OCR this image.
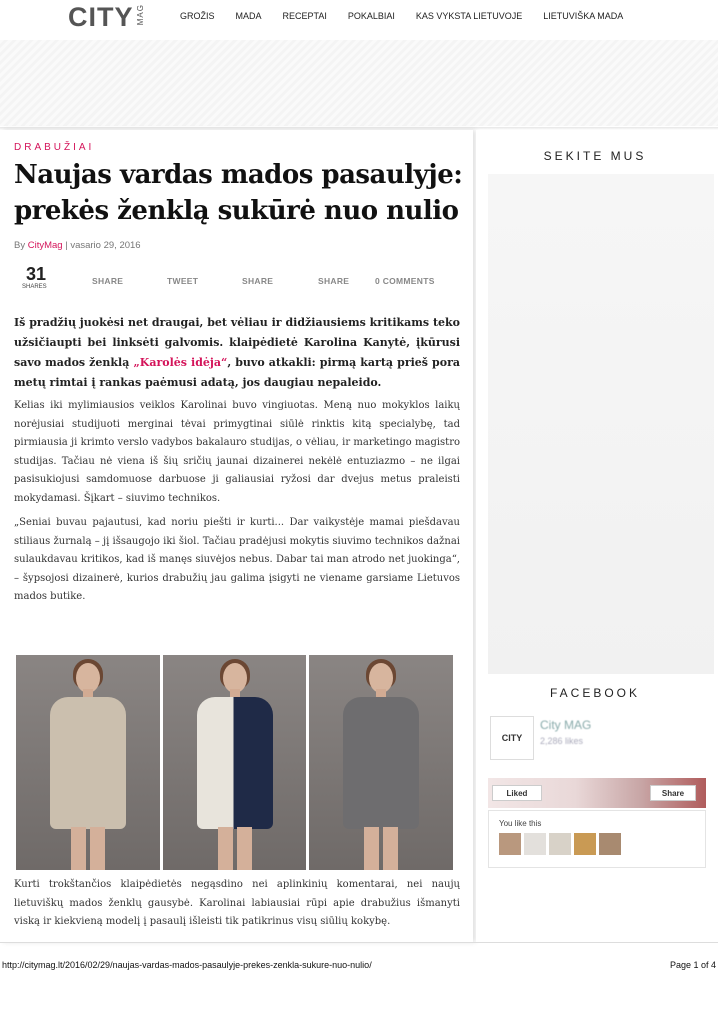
CITY MAG	GROŽIS MADA RECEPTAI POKALBIAI KAS VYKSTA LIETUVOJE LIETUVIŠKA MADA
DRABUŽIAI
Naujas vardas mados pasaulyje: prekės ženklą sukūrė nuo nulio
By CityMag | vasario 29, 2016
31
SHARES
SHARE	TWEET	SHARE	SHARE	0 COMMENTS

Iš pradžių juokėsi net draugai, bet vėliau ir didžiausiems kritikams teko užsičiaupti bei linksėti galvomis. klaipėdietė Karolina Kanytė, įkūrusi savo mados ženklą „Karolės idėja“, buvo atkakli: pirmą kartą prieš pora metų rimtai į rankas paėmusi adatą, jos daugiau nepaleido.

Kelias iki mylimiausios veiklos Karolinai buvo vingiuotas. Meną nuo mokyklos laikų norėjusiai studijuoti merginai tėvai primygtinai siūlė rinktis kitą specialybę, tad pirmiausia ji krimto verslo vadybos bakalauro studijas, o vėliau, ir marketingo magistro studijas. Tačiau nė viena iš šių sričių jaunai dizainerei nekėlė entuziazmo – ne ilgai pasisukiojusi samdomuose darbuose ji galiausiai ryžosi dar dvejus metus praleisti mokydamasi. Šįkart – siuvimo technikos.

„Seniai buvau pajautusi, kad noriu piešti ir kurti... Dar vaikystėje mamai piešdavau stiliaus žurnalą – jį išsaugojo iki šiol. Tačiau pradėjusi mokytis siuvimo technikos dažnai sulaukdavau kritikos, kad iš manęs siuvėjos nebus. Dabar tai man atrodo net juokinga“, – šypsojosi dizainerė, kurios drabužių jau galima įsigyti ne viename garsiame Lietuvos mados butike.

Kurti trokštančios klaipėdietės negąsdino nei aplinkinių komentarai, nei naujų lietuviškų mados ženklų gausybė. Karolinai labiausiai rūpi apie drabužius išmanyti viską ir kiekvieną modelį į pasaulį išleisti tik patikrinus visų siūlių kokybę.

SEKITE MUS
FACEBOOK
CITY
City MAG
2,286 likes
Liked	Share
You like this
http://citymag.lt/2016/02/29/naujas-vardas-mados-pasaulyje-prekes-zenkla-sukure-nuo-nulio/	Page 1 of 4
